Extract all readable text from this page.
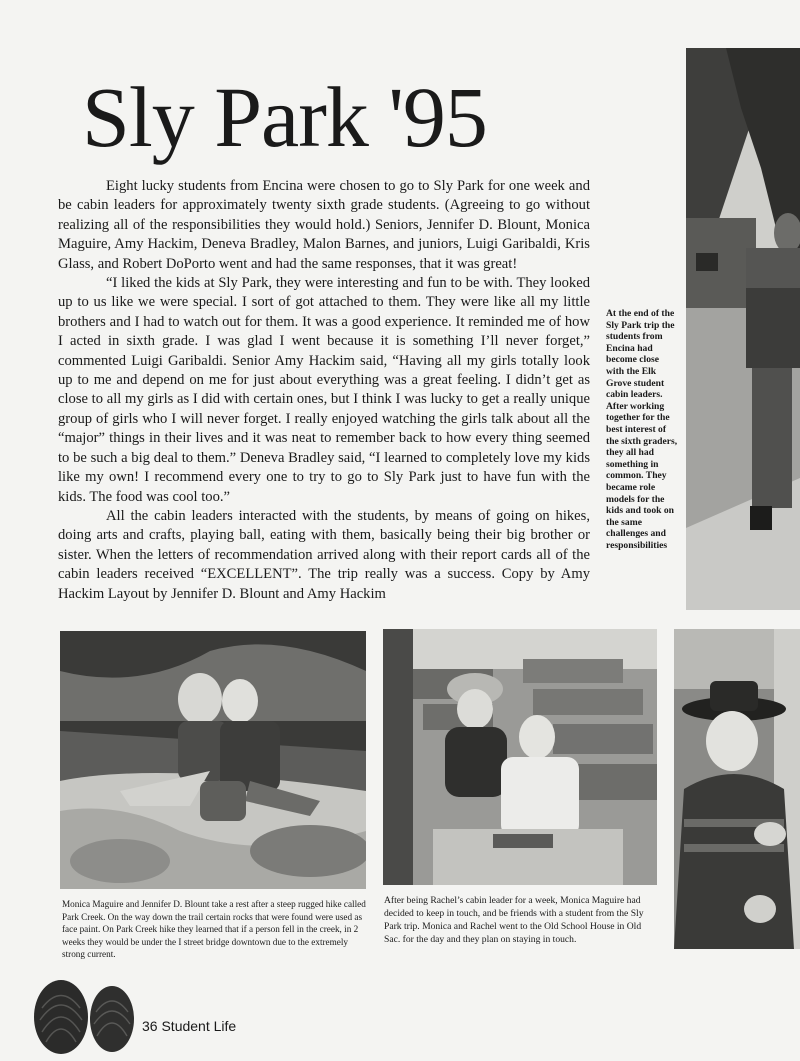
Sly Park '95

Eight lucky students from Encina were chosen to go to Sly Park for one week and be cabin leaders for approximately twenty sixth grade students. (Agreeing to go without realizing all of the responsibilities they would hold.) Seniors, Jennifer D. Blount, Monica Maguire, Amy Hackim, Deneva Bradley, Malon Barnes, and juniors, Luigi Garibaldi, Kris Glass, and Robert DoPorto went and had the same responses, that it was great!

“I liked the kids at Sly Park, they were interesting and fun to be with. They looked up to us like we were special. I sort of got attached to them. They were like all my little brothers and I had to watch out for them. It was a good experience. It reminded me of how I acted in sixth grade. I was glad I went because it is something I’ll never forget,” commented Luigi Garibaldi. Senior Amy Hackim said, “Having all my girls totally look up to me and depend on me for just about everything was a great feeling. I didn’t get as close to all my girls as I did with certain ones, but I think I was lucky to get a really unique group of girls who I will never forget. I really enjoyed watching the girls talk about all the “major” things in their lives and it was neat to remember back to how every thing seemed to be such a big deal to them.” Deneva Bradley said, “I learned to completely love my kids like my own! I recommend every one to try to go to Sly Park just to have fun with the kids. The food was cool too.”

All the cabin leaders interacted with the students, by means of going on hikes, doing arts and crafts, playing ball, eating with them, basically being their big brother or sister. When the letters of recommendation arrived along with their report cards all of the cabin leaders received “EXCELLENT”. The trip really was a success. Copy by Amy Hackim Layout by Jennifer D. Blount and Amy Hackim

At the end of the Sly Park trip the students from Encina had become close with the Elk Grove student cabin leaders. After working together for the best interest of the sixth graders, they all had something in common. They became role models for the kids and took on the same challenges and responsibilities
Monica Maguire and Jennifer D. Blount take a rest after a steep rugged hike called Park Creek. On the way down the trail certain rocks that were found were used as face paint. On Park Creek hike they learned that if a person fell in the creek, in 2 weeks they would be under the I street bridge downtown due to the extremely strong current.
After being Rachel’s cabin leader for a week, Monica Maguire had decided to keep in touch, and be friends with a student from the Sly Park trip. Monica and Rachel went to the Old School House in Old Sac. for the day and they plan on staying in touch.
36 Student Life
